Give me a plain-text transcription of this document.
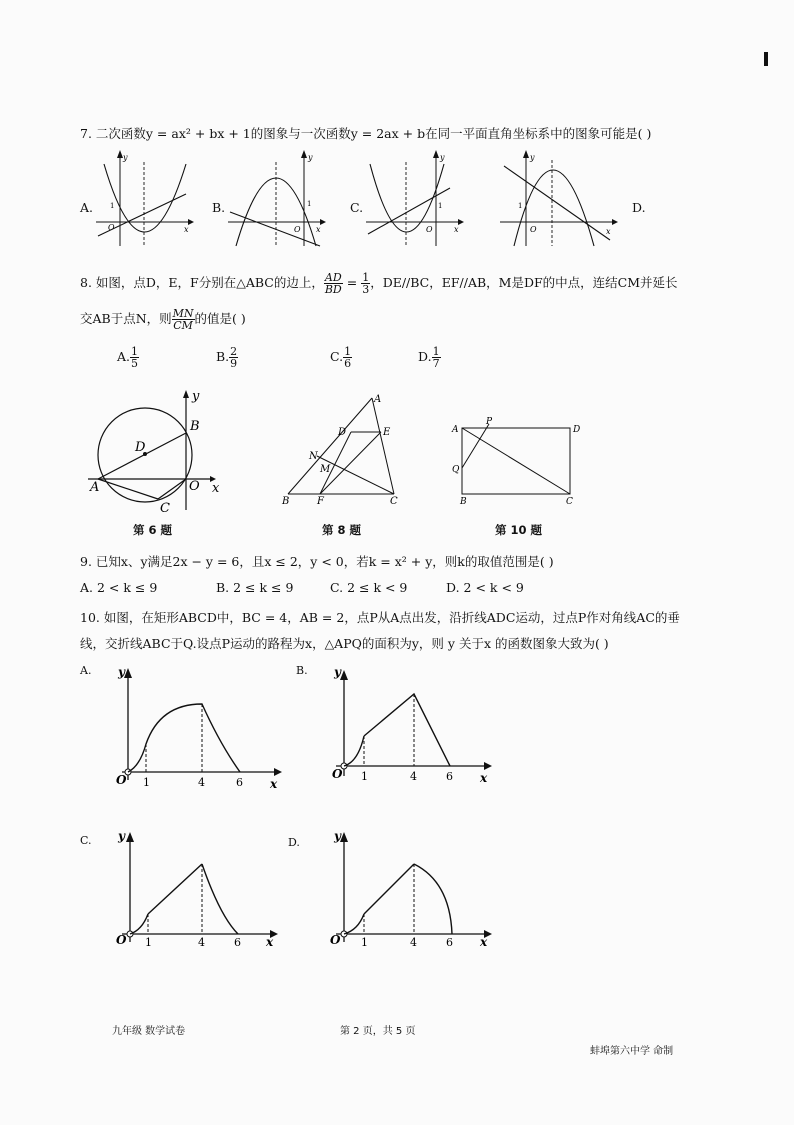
7. 二次函数y = ax² + bx + 1的图象与一次函数y = 2ax + b在同一平面直角坐标系中的图象可能是( )
A.
y
x
O
1	B.
y
x
O
1	C.
y
x
O
1
y
x
O
1	D.
8. 如图，点D，E，F分别在△ABC的边上， $\frac{AD}{BD} = \frac{1}{3}$ ，DE//BC，EF//AB，M是DF的中点，连结CM并延长
交AB于点N，则 $\frac{MN}{CM}$ 的值是( )
A. $\frac{1}{5}$	B. $\frac{2}{9}$	C. $\frac{1}{6}$	D. $\frac{1}{7}$
y
B
D
A	O x
C
第 6 题
A
D	E
N
M
B	F	C
第 8 题
A
P
D
Q
B	C
第 10 题
9. 已知x、y满足2x − y = 6，且x ≤ 2，y < 0，若k = x² + y，则k的取值范围是( )
A. 2 < k ≤ 9	B. 2 ≤ k ≤ 9	C. 2 ≤ k < 9	D. 2 < k < 9
10. 如图，在矩形ABCD中，BC = 4，AB = 2，点P从A点出发，沿折线ADC运动，过点P作对角线AC的垂
线，交折线ABC于Q.设点P运动的路程为x，△APQ的面积为y，则 y 关于x 的函数图象大致为( )
A. y
O 1	4	6 x
B. y
O 1	4	6 x
C. y
O 1	4	6 x
D.	y
O 1	4	6 x
九年级 数学试卷	第 2 页，共 5 页
蚌埠第六中学 命制
